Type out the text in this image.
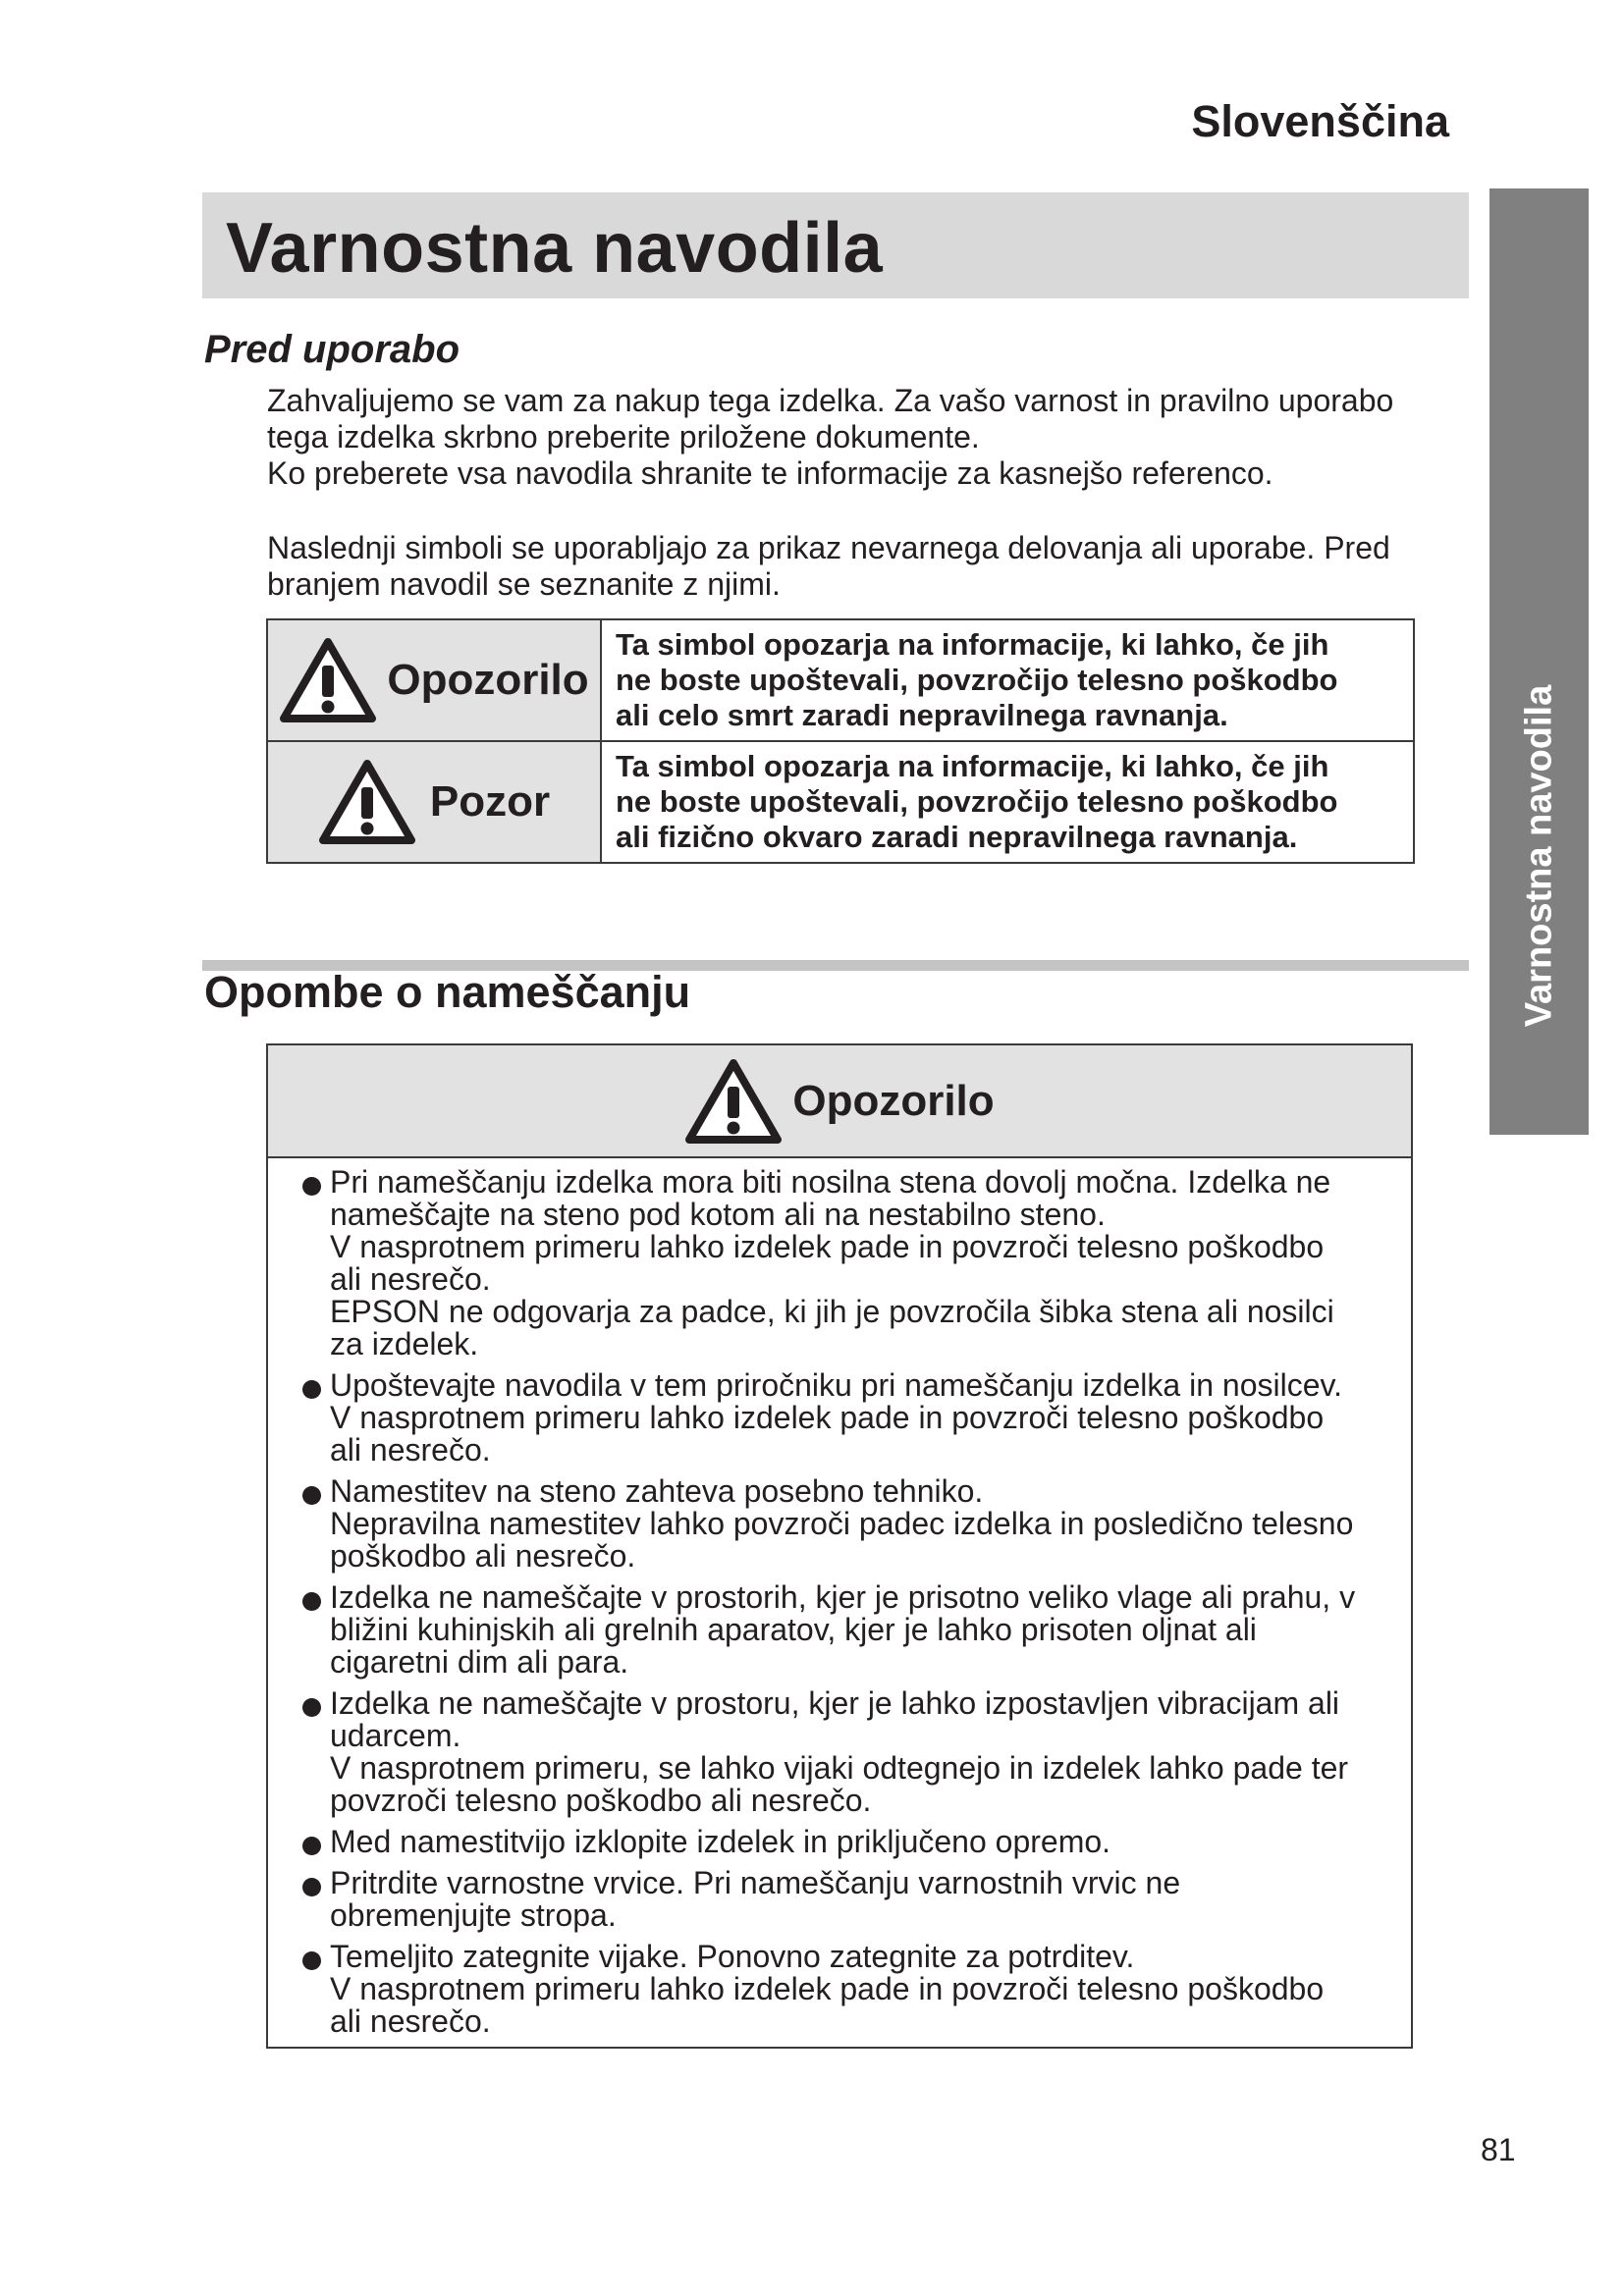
Slovenščina
Varnostna navodila
Varnostna navodila
Pred uporabo
Zahvaljujemo se vam za nakup tega izdelka. Za vašo varnost in pravilno uporabo
tega izdelka skrbno preberite priložene dokumente.
Ko preberete vsa navodila shranite te informacije za kasnejšo referenco.
Naslednji simboli se uporabljajo za prikaz nevarnega delovanja ali uporabe. Pred
branjem navodil se seznanite z njimi.
Opozorilo	Ta simbol opozarja na informacije, ki lahko, če jih
ne boste upoštevali, povzročijo telesno poškodbo
ali celo smrt zaradi nepravilnega ravnanja.

Pozor	Ta simbol opozarja na informacije, ki lahko, če jih
ne boste upoštevali, povzročijo telesno poškodbo
ali fizično okvaro zaradi nepravilnega ravnanja.
Opombe o nameščanju
Opozorilo
Pri nameščanju izdelka mora biti nosilna stena dovolj močna. Izdelka ne
nameščajte na steno pod kotom ali na nestabilno steno.
V nasprotnem primeru lahko izdelek pade in povzroči telesno poškodbo
ali nesrečo.
EPSON ne odgovarja za padce, ki jih je povzročila šibka stena ali nosilci
za izdelek.
Upoštevajte navodila v tem priročniku pri nameščanju izdelka in nosilcev.
V nasprotnem primeru lahko izdelek pade in povzroči telesno poškodbo
ali nesrečo.
Namestitev na steno zahteva posebno tehniko.
Nepravilna namestitev lahko povzroči padec izdelka in posledično telesno
poškodbo ali nesrečo.
Izdelka ne nameščajte v prostorih, kjer je prisotno veliko vlage ali prahu, v
bližini kuhinjskih ali grelnih aparatov, kjer je lahko prisoten oljnat ali
cigaretni dim ali para.
Izdelka ne nameščajte v prostoru, kjer je lahko izpostavljen vibracijam ali
udarcem.
V nasprotnem primeru, se lahko vijaki odtegnejo in izdelek lahko pade ter
povzroči telesno poškodbo ali nesrečo.
Med namestitvijo izklopite izdelek in priključeno opremo.
Pritrdite varnostne vrvice. Pri nameščanju varnostnih vrvic ne
obremenjujte stropa.
Temeljito zategnite vijake. Ponovno zategnite za potrditev.
V nasprotnem primeru lahko izdelek pade in povzroči telesno poškodbo
ali nesrečo.
81
